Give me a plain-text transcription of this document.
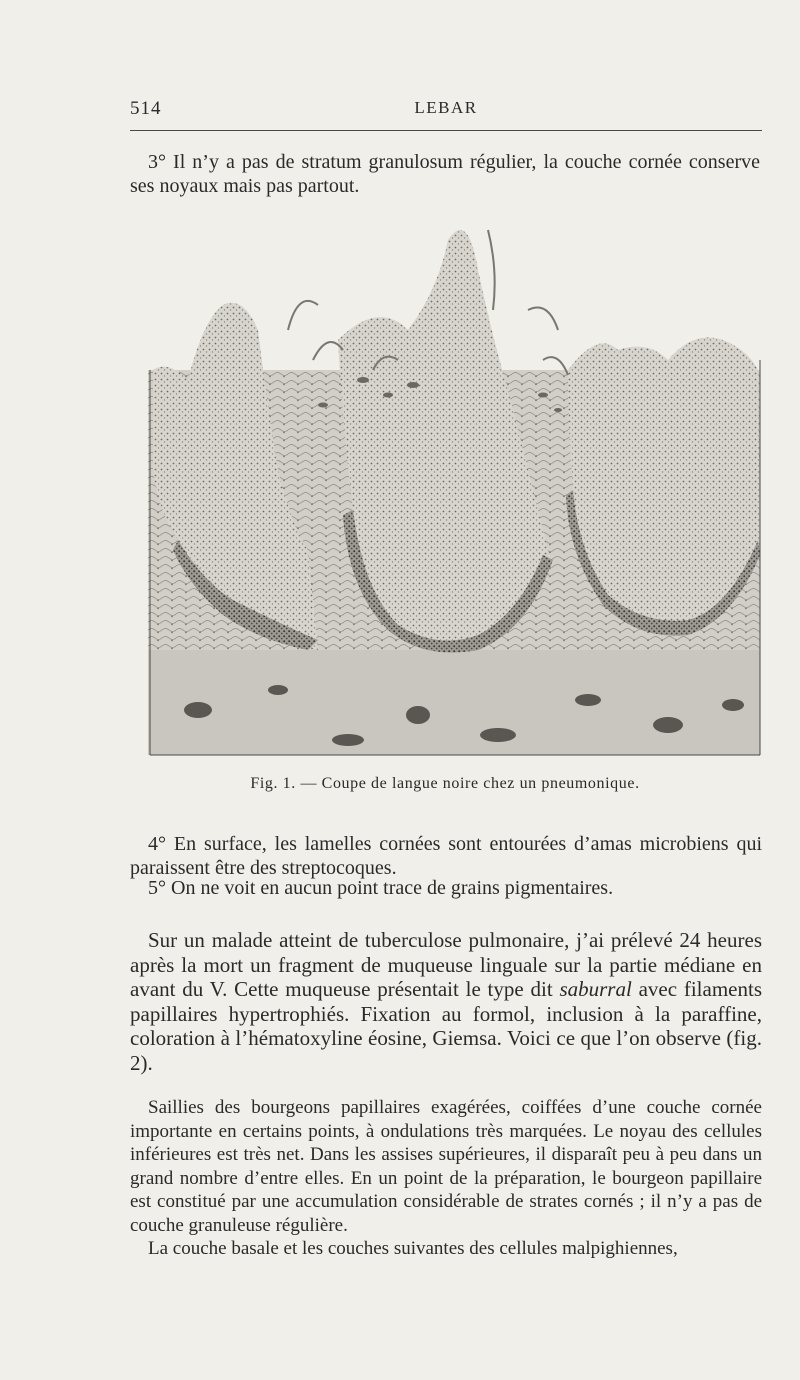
514	LEBAR

3° Il n’y a pas de stratum granulosum régulier, la couche cornée conserve ses noyaux mais pas partout.

Fig. 1. — Coupe de langue noire chez un pneumonique.

4° En surface, les lamelles cornées sont entourées d’amas microbiens qui paraissent être des streptocoques.

5° On ne voit en aucun point trace de grains pigmentaires.

Sur un malade atteint de tuberculose pulmonaire, j’ai prélevé 24 heures après la mort un fragment de muqueuse linguale sur la partie médiane en avant du V. Cette muqueuse présentait le type dit saburral avec filaments papillaires hypertrophiés. Fixation au formol, inclusion à la paraffine, coloration à l’hématoxyline éosine, Giemsa. Voici ce que l’on observe (fig. 2).

Saillies des bourgeons papillaires exagérées, coiffées d’une couche cornée importante en certains points, à ondulations très marquées. Le noyau des cellules inférieures est très net. Dans les assises supérieures, il disparaît peu à peu dans un grand nombre d’entre elles. En un point de la préparation, le bourgeon papillaire est constitué par une accumulation considérable de strates cornés ; il n’y a pas de couche granuleuse régulière.

La couche basale et les couches suivantes des cellules malpighiennes,
